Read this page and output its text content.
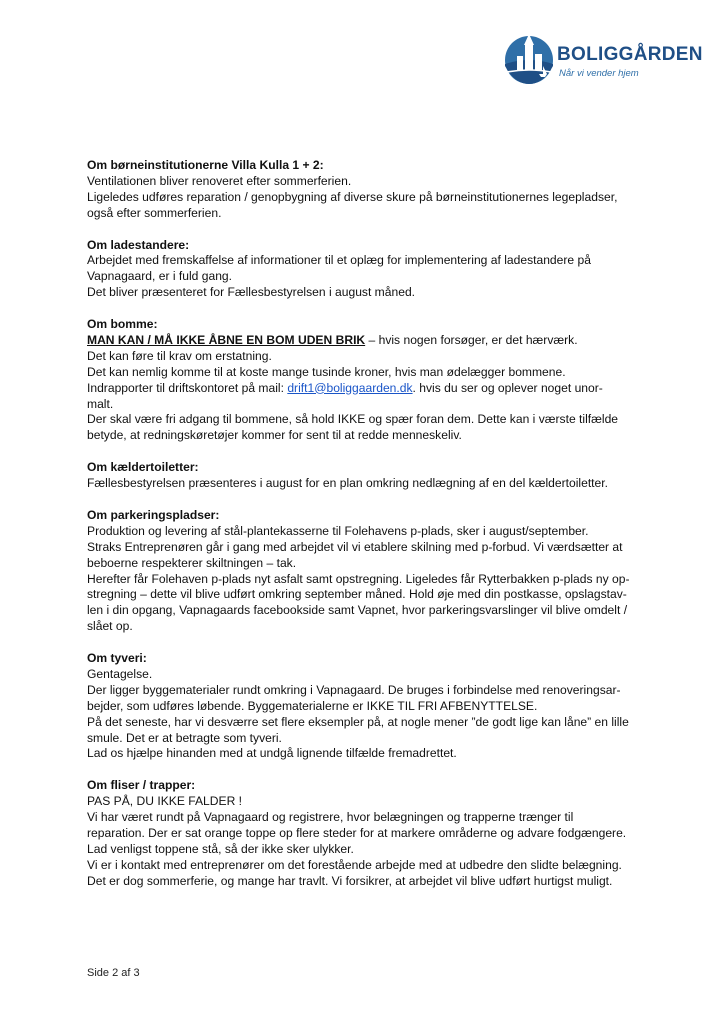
BOLIGGÅRDEN
Når vi vender hjem
Om børneinstitutionerne Villa Kulla 1 + 2:
Ventilationen bliver renoveret efter sommerferien.
Ligeledes udføres reparation / genopbygning af diverse skure på børneinstitutionernes legepladser,
også efter sommerferien.
Om ladestandere:
Arbejdet med fremskaffelse af informationer til et oplæg for implementering af ladestandere på
Vapnagaard, er i fuld gang.
Det bliver præsenteret for Fællesbestyrelsen i august måned.
Om bomme:
MAN KAN / MÅ IKKE ÅBNE EN BOM UDEN BRIK – hvis nogen forsøger, er det hærværk.
Det kan føre til krav om erstatning.
Det kan nemlig komme til at koste mange tusinde kroner, hvis man ødelægger bommene.
Indrapporter til driftskontoret på mail: drift1@boliggaarden.dk. hvis du ser og oplever noget unor-
malt.
Der skal være fri adgang til bommene, så hold IKKE og spær foran dem. Dette kan i værste tilfælde
betyde, at redningskøretøjer kommer for sent til at redde menneskeliv.
Om kældertoiletter:
Fællesbestyrelsen præsenteres i august for en plan omkring nedlægning af en del kældertoiletter.
Om parkeringspladser:
Produktion og levering af stål-plantekasserne til Folehavens p-plads, sker i august/september.
Straks Entreprenøren går i gang med arbejdet vil vi etablere skilning med p-forbud. Vi værdsætter at
beboerne respekterer skiltningen – tak.
Herefter får Folehaven p-plads nyt asfalt samt opstregning. Ligeledes får Rytterbakken p-plads ny op-
stregning – dette vil blive udført omkring september måned. Hold øje med din postkasse, opslagstav-
len i din opgang, Vapnagaards facebookside samt Vapnet, hvor parkeringsvarslinger vil blive omdelt /
slået op.
Om tyveri:
Gentagelse.
Der ligger byggematerialer rundt omkring i Vapnagaard. De bruges i forbindelse med renoveringsar-
bejder, som udføres løbende. Byggematerialerne er IKKE TIL FRI AFBENYTTELSE.
På det seneste, har vi desværre set flere eksempler på, at nogle mener ”de godt lige kan låne” en lille
smule. Det er at betragte som tyveri.
Lad os hjælpe hinanden med at undgå lignende tilfælde fremadrettet.
Om fliser / trapper:
PAS PÅ, DU IKKE FALDER !
Vi har været rundt på Vapnagaard og registrere, hvor belægningen og trapperne trænger til
reparation. Der er sat orange toppe op flere steder for at markere områderne og advare fodgængere.
Lad venligst toppene stå, så der ikke sker ulykker.
Vi er i kontakt med entreprenører om det forestående arbejde med at udbedre den slidte belægning.
Det er dog sommerferie, og mange har travlt. Vi forsikrer, at arbejdet vil blive udført hurtigst muligt.
Side 2 af 3
